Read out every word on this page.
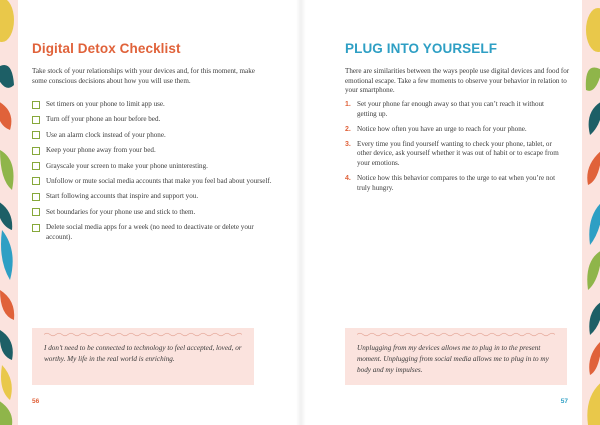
Digital Detox Checklist

Take stock of your relationships with your devices and, for this moment, make some conscious decisions about how you will use them.

Set timers on your phone to limit app use.
Turn off your phone an hour before bed.
Use an alarm clock instead of your phone.
Keep your phone away from your bed.
Grayscale your screen to make your phone uninteresting.
Unfollow or mute social media accounts that make you feel bad about yourself.
Start following accounts that inspire and support you.
Set boundaries for your phone use and stick to them.
Delete social media apps for a week (no need to deactivate or delete your account).

I don’t need to be connected to technology to feel accepted, loved, or worthy. My life in the real world is enriching.

56
PLUG INTO YOURSELF

There are similarities between the ways people use digital devices and food for emotional escape. Take a few moments to observe your behavior in relation to your smartphone.

1. Set your phone far enough away so that you can’t reach it without getting up.
2. Notice how often you have an urge to reach for your phone.
3. Every time you find yourself wanting to check your phone, tablet, or other device, ask yourself whether it was out of habit or to escape from your emotions.
4. Notice how this behavior compares to the urge to eat when you’re not truly hungry.

Unplugging from my devices allows me to plug in to the present moment. Unplugging from social media allows me to plug in to my body and my impulses.

57
